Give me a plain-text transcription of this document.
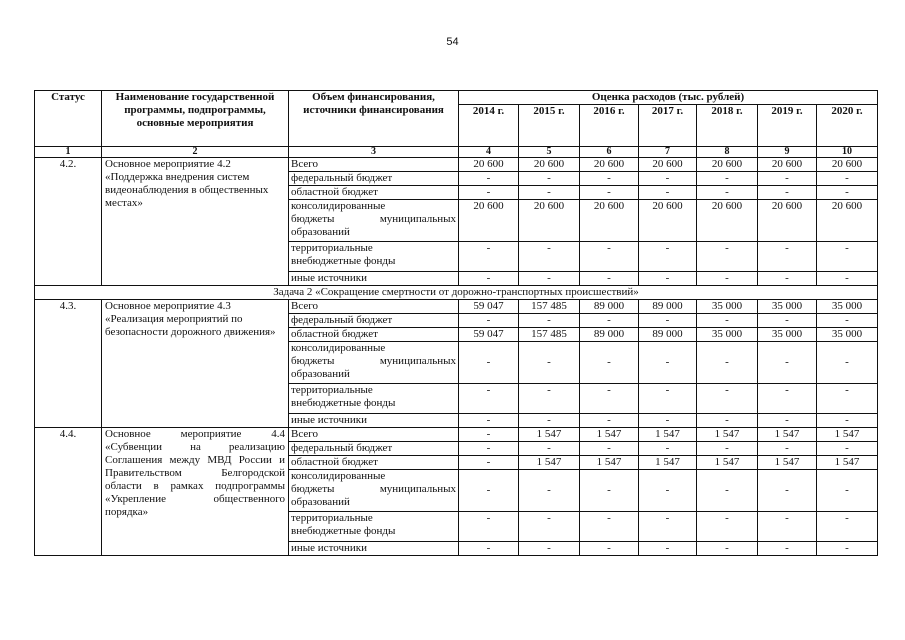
54
Статус	Наименование государственной программы, подпрограммы, основные мероприятия	Объем финансирования, источники финансирования	Оценка расходов (тыс. рублей)						
			2014 г.	2015 г.	2016 г.	2017 г.	2018 г.	2019 г.	2020 г.
1	2	3	4	5	6	7	8	9	10
4.2.	Основное мероприятие 4.2 «Поддержка внедрения систем видеонаблюдения в общественных местах»	Всего	20 600	20 600	20 600	20 600	20 600	20 600	20 600
		федеральный бюджет	-	-	-	-	-	-	-
		областной бюджет	-	-	-	-	-	-	-

		консолидированные
бюджеты муниципальных
образований	20 600	20 600	20 600	20 600	20 600	20 600	20 600

		территориальные
внебюджетные фонды	-	-	-	-	-	-	-
		иные источники	-	-	-	-	-	-	-
Задача 2 «Сокращение смертности от дорожно-транспортных происшествий»									
4.3.	Основное мероприятие 4.3 «Реализация мероприятий по безопасности дорожного движения»	Всего	59 047	157 485	89 000	89 000	35 000	35 000	35 000
		федеральный бюджет	-	-	-	-	-	-	-
		областной бюджет	59 047	157 485	89 000	89 000	35 000	35 000	35 000

		консолидированные
бюджеты муниципальных
образований	-	-	-	-	-	-	-

		территориальные
внебюджетные фонды	-	-	-	-	-	-	-
		иные источники	-	-	-	-	-	-	-
4.4.	Основное мероприятие 4.4 «Субвенции на реализацию Соглашения между МВД России и Правительством Белгородской области в рамках подпрограммы «Укрепление общественного порядка»	Всего	-	1 547	1 547	1 547	1 547	1 547	1 547
		федеральный бюджет	-	-	-	-	-	-	-
		областной бюджет	-	1 547	1 547	1 547	1 547	1 547	1 547

		консолидированные
бюджеты муниципальных
образований	-	-	-	-	-	-	-

		территориальные
внебюджетные фонды	-	-	-	-	-	-	-
		иные источники	-	-	-	-	-	-	-
